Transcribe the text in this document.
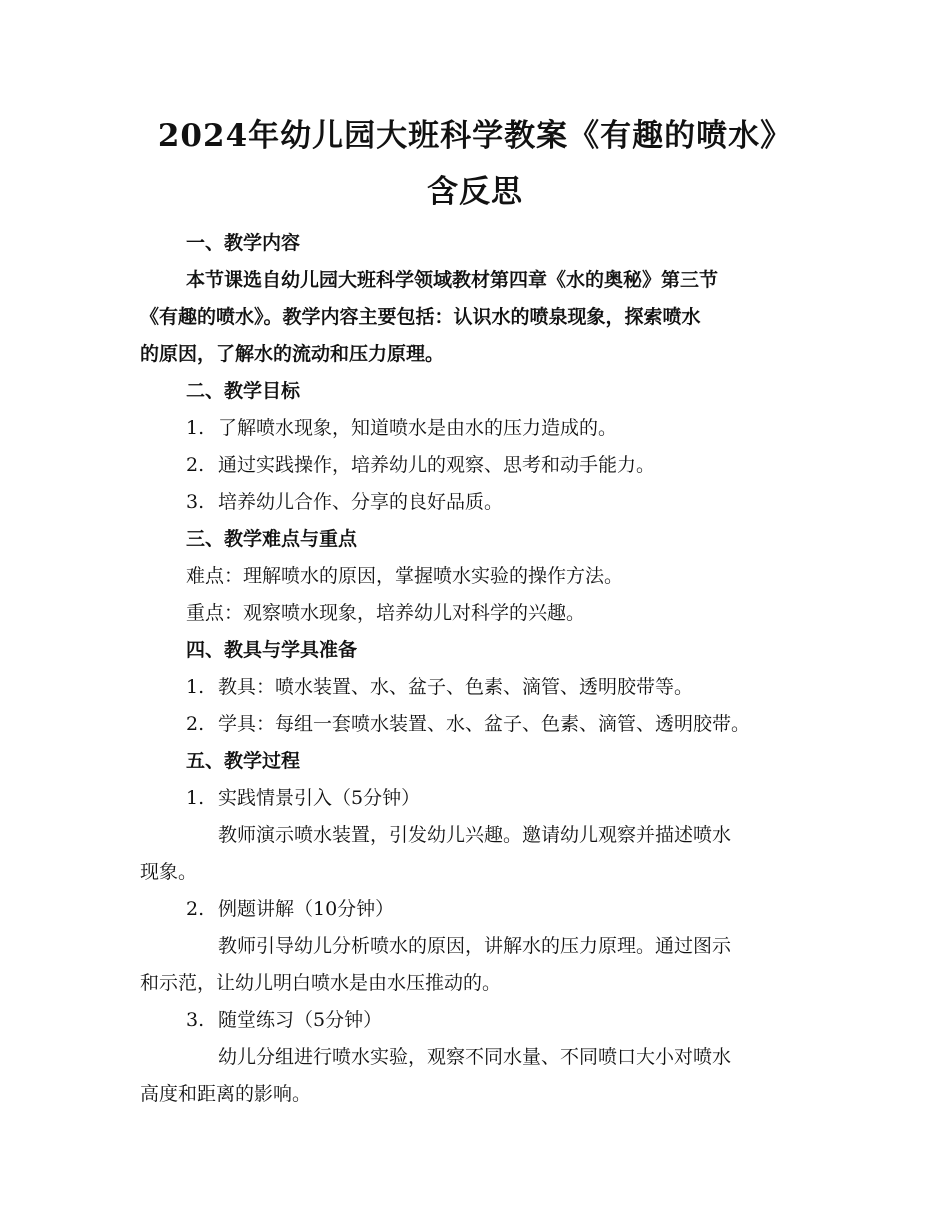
2024年幼儿园大班科学教案《有趣的喷水》
含反思

一、教学内容

本节课选自幼儿园大班科学领域教材第四章《水的奥秘》第三节

《有趣的喷水》。教学内容主要包括：认识水的喷泉现象，探索喷水

的原因，了解水的流动和压力原理。

二、教学目标

1. 了解喷水现象，知道喷水是由水的压力造成的。

2. 通过实践操作，培养幼儿的观察、思考和动手能力。

3. 培养幼儿合作、分享的良好品质。

三、教学难点与重点

难点：理解喷水的原因，掌握喷水实验的操作方法。

重点：观察喷水现象，培养幼儿对科学的兴趣。

四、教具与学具准备

1. 教具：喷水装置、水、盆子、色素、滴管、透明胶带等。

2. 学具：每组一套喷水装置、水、盆子、色素、滴管、透明胶带。

五、教学过程

1. 实践情景引入（5分钟）

教师演示喷水装置，引发幼儿兴趣。邀请幼儿观察并描述喷水

现象。

2. 例题讲解（10分钟）

教师引导幼儿分析喷水的原因，讲解水的压力原理。通过图示

和示范，让幼儿明白喷水是由水压推动的。

3. 随堂练习（5分钟）

幼儿分组进行喷水实验，观察不同水量、不同喷口大小对喷水

高度和距离的影响。
